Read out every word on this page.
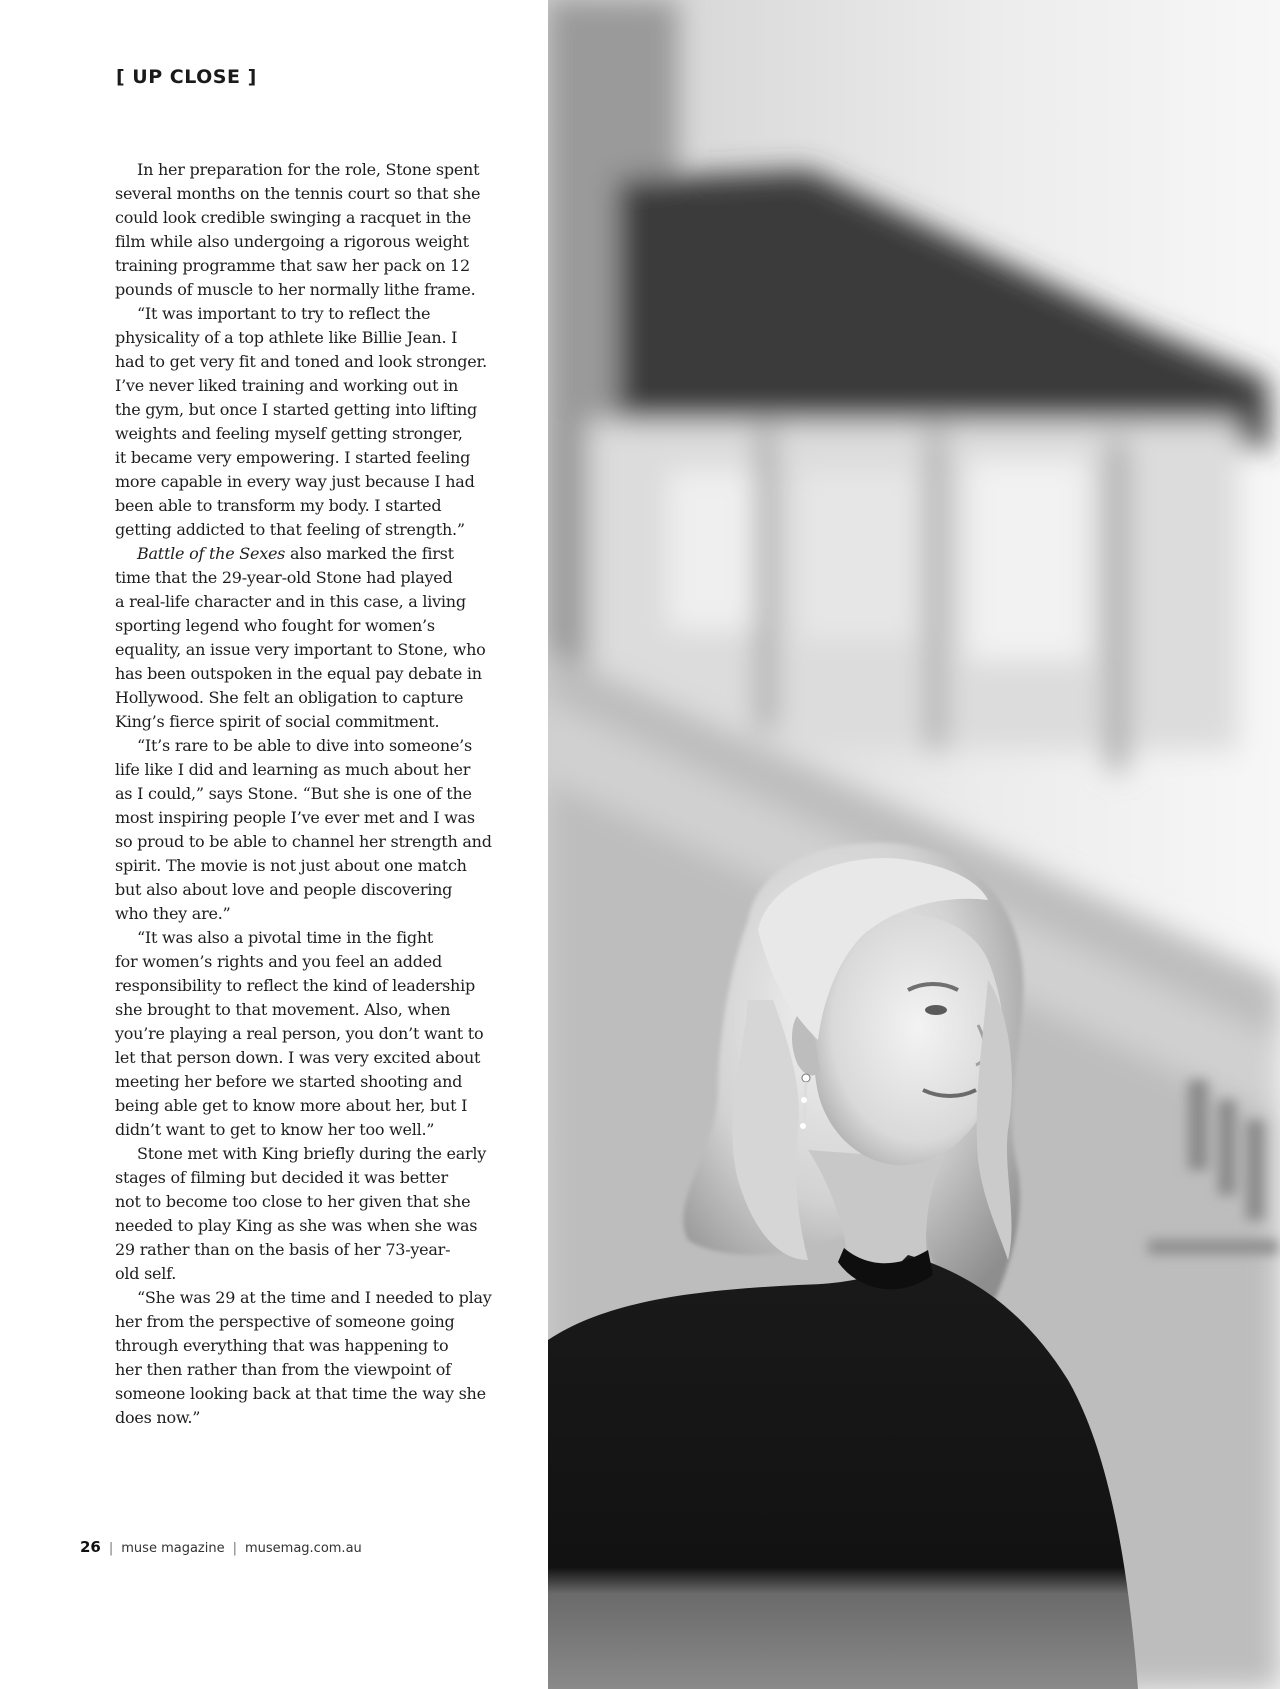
[ UP CLOSE ]

In her preparation for the role, Stone spent
several months on the tennis court so that she
could look credible swinging a racquet in the
film while also undergoing a rigorous weight
training programme that saw her pack on 12
pounds of muscle to her normally lithe frame.

“It was important to try to reflect the
physicality of a top athlete like Billie Jean. I
had to get very fit and toned and look stronger.
I’ve never liked training and working out in
the gym, but once I started getting into lifting
weights and feeling myself getting stronger,
it became very empowering. I started feeling
more capable in every way just because I had
been able to transform my body. I started
getting addicted to that feeling of strength.”

Battle of the Sexes also marked the first
time that the 29-year-old Stone had played
a real-life character and in this case, a living
sporting legend who fought for women’s
equality, an issue very important to Stone, who
has been outspoken in the equal pay debate in
Hollywood. She felt an obligation to capture
King’s fierce spirit of social commitment.

“It’s rare to be able to dive into someone’s
life like I did and learning as much about her
as I could,” says Stone. “But she is one of the
most inspiring people I’ve ever met and I was
so proud to be able to channel her strength and
spirit. The movie is not just about one match
but also about love and people discovering
who they are.”

“It was also a pivotal time in the fight
for women’s rights and you feel an added
responsibility to reflect the kind of leadership
she brought to that movement. Also, when
you’re playing a real person, you don’t want to
let that person down. I was very excited about
meeting her before we started shooting and
being able get to know more about her, but I
didn’t want to get to know her too well.”

Stone met with King briefly during the early
stages of filming but decided it was better
not to become too close to her given that she
needed to play King as she was when she was
29 rather than on the basis of her 73-year-
old self.

“She was 29 at the time and I needed to play
her from the perspective of someone going
through everything that was happening to
her then rather than from the viewpoint of
someone looking back at that time the way she
does now.”

26 | muse magazine | musemag.com.au
